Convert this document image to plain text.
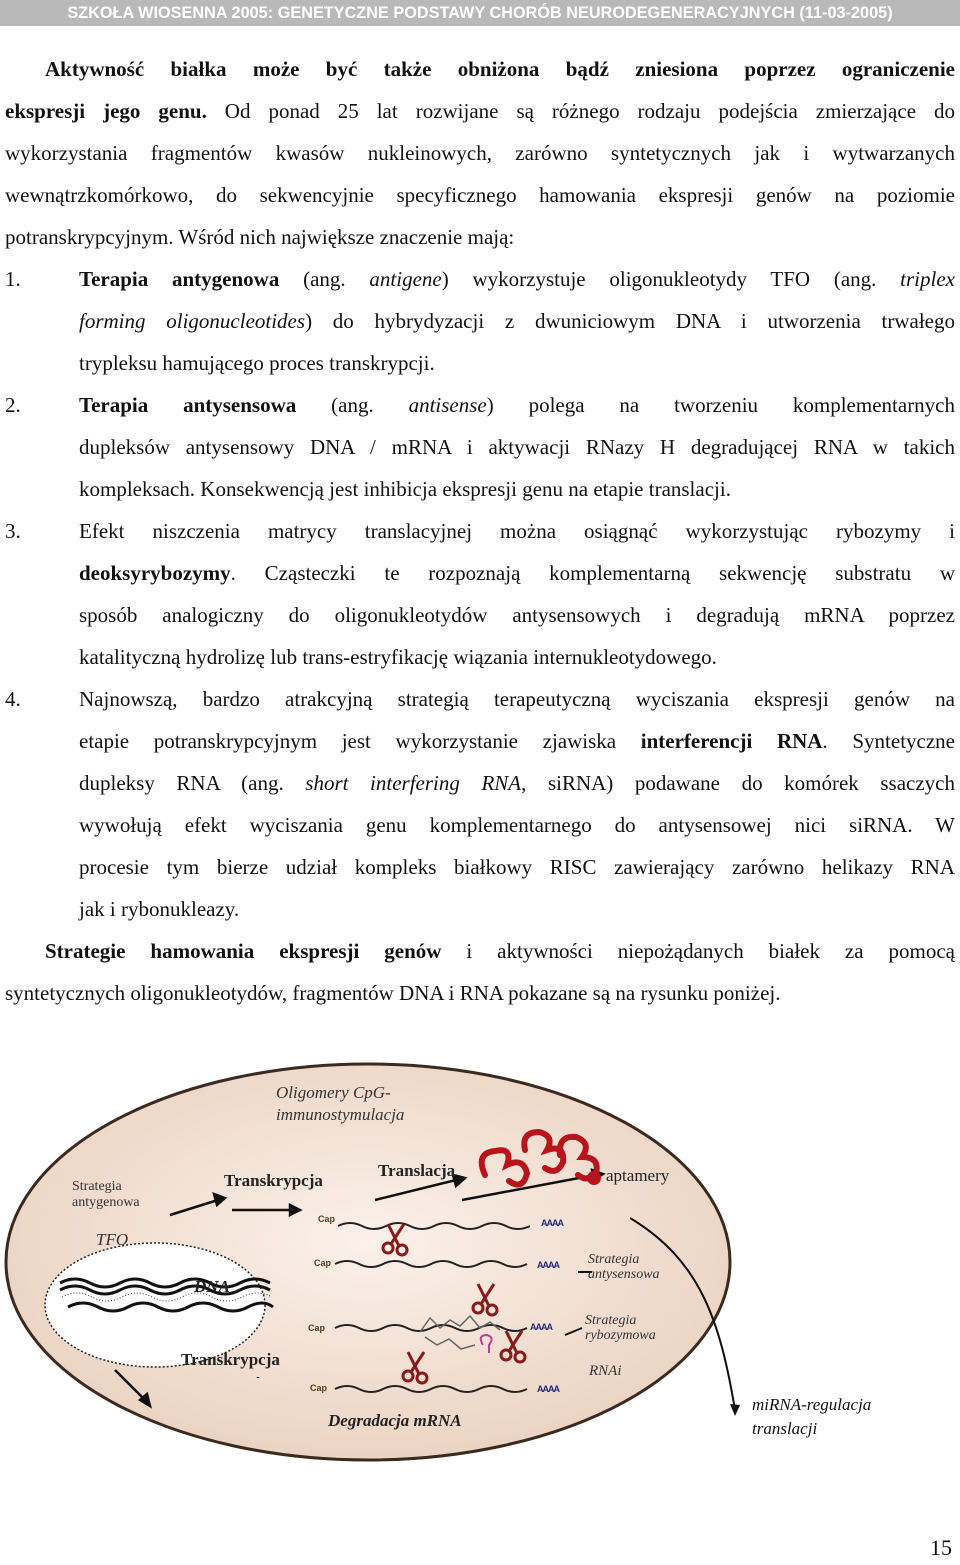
SZKOŁA WIOSENNA 2005: GENETYCZNE PODSTAWY CHORÓB NEURODEGENERACYJNYCH (11-03-2005)
Aktywność białka może być także obniżona bądź zniesiona poprzez ograniczenie
ekspresji jego genu. Od ponad 25 lat rozwijane są różnego rodzaju podejścia zmierzające do
wykorzystania fragmentów kwasów nukleinowych, zarówno syntetycznych jak i wytwarzanych
wewnątrzkomórkowo, do sekwencyjnie specyficznego hamowania ekspresji genów na poziomie
potranskrypcyjnym. Wśród nich największe znaczenie mają:
1.	Terapia antygenowa (ang. antigene) wykorzystuje oligonukleotydy TFO (ang. triplex
forming oligonucleotides) do hybrydyzacji z dwuniciowym DNA i utworzenia trwałego
trypleksu hamującego proces transkrypcji.
2.	Terapia antysensowa (ang. antisense) polega na tworzeniu komplementarnych
dupleksów antysensowy DNA / mRNA i aktywacji RNazy H degradującej RNA w takich
kompleksach. Konsekwencją jest inhibicja ekspresji genu na etapie translacji.
3.	Efekt niszczenia matrycy translacyjnej można osiągnąć wykorzystując rybozymy i
deoksyrybozymy. Cząsteczki te rozpoznają komplementarną sekwencję substratu w
sposób analogiczny do oligonukleotydów antysensowych i degradują mRNA poprzez
katalityczną hydrolizę lub trans-estryfikację wiązania internukleotydowego.
4.	Najnowszą, bardzo atrakcyjną strategią terapeutyczną wyciszania ekspresji genów na
etapie potranskrypcyjnym jest wykorzystanie zjawiska interferencji RNA. Syntetyczne
dupleksy RNA (ang. short interfering RNA, siRNA) podawane do komórek ssaczych
wywołują efekt wyciszania genu komplementarnego do antysensowej nici siRNA. W
procesie tym bierze udział kompleks białkowy RISC zawierający zarówno helikazy RNA
jak i rybonukleazy.
Strategie hamowania ekspresji genów i aktywności niepożądanych białek za pomocą
syntetycznych oligonukleotydów, fragmentów DNA i RNA pokazane są na rysunku poniżej.
Cap
Cap
Cap
Cap
AAAA
AAAA
AAAA
AAAA
Oligomery CpG-
immunostymulacja
Strategia
antygenowa
Transkrypcja
Translacja	aptamery
TFO
DNA
Strategia
antysensowa
Strategia
rybozymowa
Transkrypcja
RNAi
Degradacja mRNA
miRNA-regulacja
translacji
15
